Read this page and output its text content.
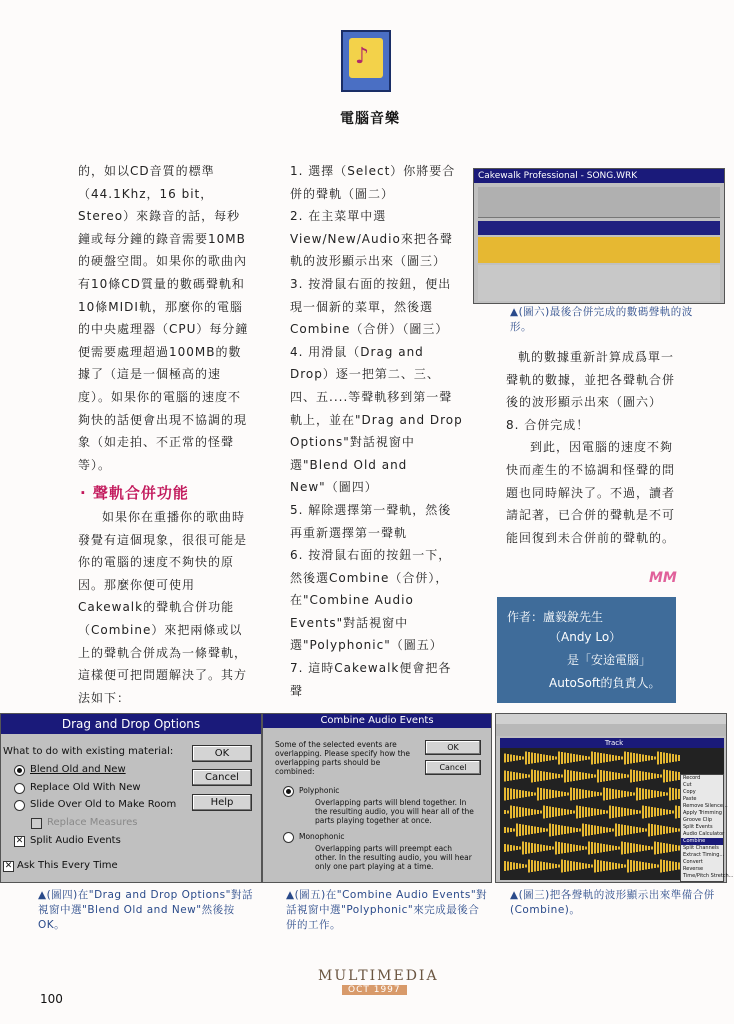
♪
電腦音樂

的，如以CD音質的標準（44.1Khz，16 bit，Stereo）來錄音的話，每秒鐘或每分鐘的錄音需要10MB的硬盤空間。如果你的歌曲內有10條CD質量的數碼聲軌和10條MIDI軌，那麼你的電腦的中央處理器（CPU）每分鐘便需要處理超過100MB的數據了（這是一個極高的速度）。如果你的電腦的速度不夠快的話便會出現不協調的現象（如走拍、不正常的怪聲等）。

· 聲軌合併功能

如果你在重播你的歌曲時發覺有這個現象，很很可能是你的電腦的速度不夠快的原因。那麼你便可使用Cakewalk的聲軌合併功能（Combine）來把兩條或以上的聲軌合併成為一條聲軌，這樣便可把問題解決了。其方法如下：

1. 選擇（Select）你將要合併的聲軌（圖二）
2. 在主菜單中選View/New/Audio來把各聲軌的波形顯示出來（圖三）
3. 按滑鼠右面的按鈕，便出現一個新的菜單，然後選Combine（合併）（圖三）
4. 用滑鼠（Drag and Drop）逐一把第二、三、四、五....等聲軌移到第一聲軌上，並在"Drag and Drop Options"對話視窗中選"Blend Old and New"（圖四）
5. 解除選擇第一聲軌，然後再重新選擇第一聲軌
6. 按滑鼠右面的按鈕一下，然後選Combine（合併），在"Combine Audio Events"對話視窗中選"Polyphonic"（圖五）
7. 這時Cakewalk便會把各聲
Cakewalk Professional - SONG.WRK
▲(圖六)最後合併完成的數碼聲軌的波形。

軌的數據重新計算成爲單一聲軌的數據，並把各聲軌合併後的波形顯示出來（圖六）

8. 合併完成！

到此，因電腦的速度不夠快而產生的不協調和怪聲的問題也同時解決了。不過，讀者請記著，已合併的聲軌是不可能回復到未合併前的聲軌的。

MM
作者：盧毅銳先生
（Andy Lo）
是「安途電腦」
AutoSoft的負責人。
Drag and Drop Options
What to do with existing material:
Blend Old and New
Replace Old With New
Slide Over Old to Make Room
Replace Measures
✕ Split Audio Events
✕ Ask This Every Time
OK
Cancel
Help
▲(圖四)在"Drag and Drop Options"對話視窗中選"Blend Old and New"然後按OK。
Combine Audio Events
Some of the selected events are overlapping. Please specify how the overlapping parts should be combined:
OK
Cancel
Polyphonic
Overlapping parts will blend together. In the resulting audio, you will hear all of the parts playing together at once.
Monophonic
Overlapping parts will preempt each other. In the resulting audio, you will hear only one part playing at a time.
▲(圖五)在"Combine Audio Events"對話視窗中選"Polyphonic"來完成最後合併的工作。
Track
Record
Cut
Copy
Paste
Remove Silence...
Apply Trimming
Groove Clip
Split Events
Audio Calculator
Combine
Split Channels
Extract Timing...
Convert
Reverse
Time/Pitch Stretch...
▲(圖三)把各聲軌的波形顯示出來準備合併(Combine)。
MULTIMEDIA
OCT 1997
100
